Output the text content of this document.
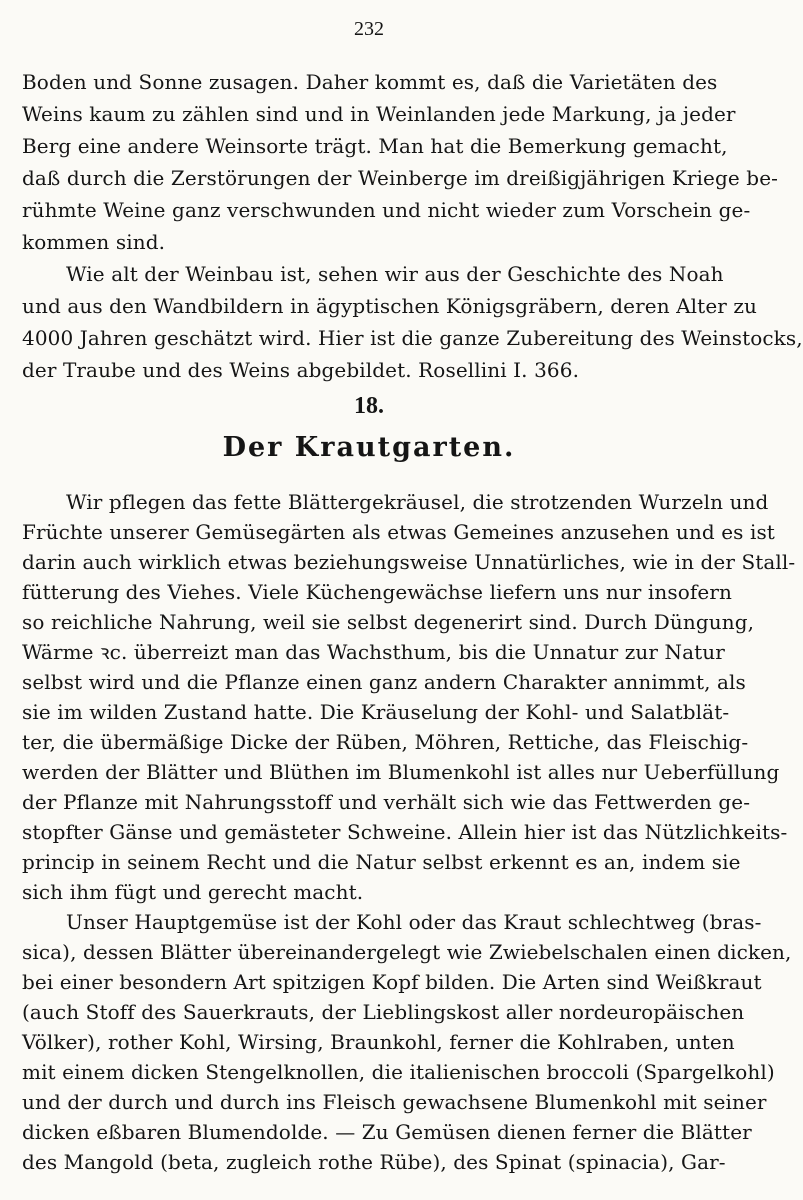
232
Boden und Sonne zusagen. Daher kommt es, daß die Varietäten des
Weins kaum zu zählen sind und in Weinlanden jede Markung, ja jeder
Berg eine andere Weinsorte trägt. Man hat die Bemerkung gemacht,
daß durch die Zerstörungen der Weinberge im dreißigjährigen Kriege be-
rühmte Weine ganz verschwunden und nicht wieder zum Vorschein ge-
kommen sind.
Wie alt der Weinbau ist, sehen wir aus der Geschichte des Noah
und aus den Wandbildern in ägyptischen Königsgräbern, deren Alter zu
4000 Jahren geschätzt wird. Hier ist die ganze Zubereitung des Weinstocks,
der Traube und des Weins abgebildet. Rosellini I. 366.
18.
Der Krautgarten.
Wir pflegen das fette Blättergekräusel, die strotzenden Wurzeln und
Früchte unserer Gemüsegärten als etwas Gemeines anzusehen und es ist
darin auch wirklich etwas beziehungsweise Unnatürliches, wie in der Stall-
fütterung des Viehes. Viele Küchengewächse liefern uns nur insofern
so reichliche Nahrung, weil sie selbst degenerirt sind. Durch Düngung,
Wärme ꝛc. überreizt man das Wachsthum, bis die Unnatur zur Natur
selbst wird und die Pflanze einen ganz andern Charakter annimmt, als
sie im wilden Zustand hatte. Die Kräuselung der Kohl- und Salatblät-
ter, die übermäßige Dicke der Rüben, Möhren, Rettiche, das Fleischig-
werden der Blätter und Blüthen im Blumenkohl ist alles nur Ueberfüllung
der Pflanze mit Nahrungsstoff und verhält sich wie das Fettwerden ge-
stopfter Gänse und gemästeter Schweine. Allein hier ist das Nützlichkeits-
princip in seinem Recht und die Natur selbst erkennt es an, indem sie
sich ihm fügt und gerecht macht.
Unser Hauptgemüse ist der Kohl oder das Kraut schlechtweg (bras-
sica), dessen Blätter übereinandergelegt wie Zwiebelschalen einen dicken,
bei einer besondern Art spitzigen Kopf bilden. Die Arten sind Weißkraut
(auch Stoff des Sauerkrauts, der Lieblingskost aller nordeuropäischen
Völker), rother Kohl, Wirsing, Braunkohl, ferner die Kohlraben, unten
mit einem dicken Stengelknollen, die italienischen broccoli (Spargelkohl)
und der durch und durch ins Fleisch gewachsene Blumenkohl mit seiner
dicken eßbaren Blumendolde. — Zu Gemüsen dienen ferner die Blätter
des Mangold (beta, zugleich rothe Rübe), des Spinat (spinacia), Gar-
